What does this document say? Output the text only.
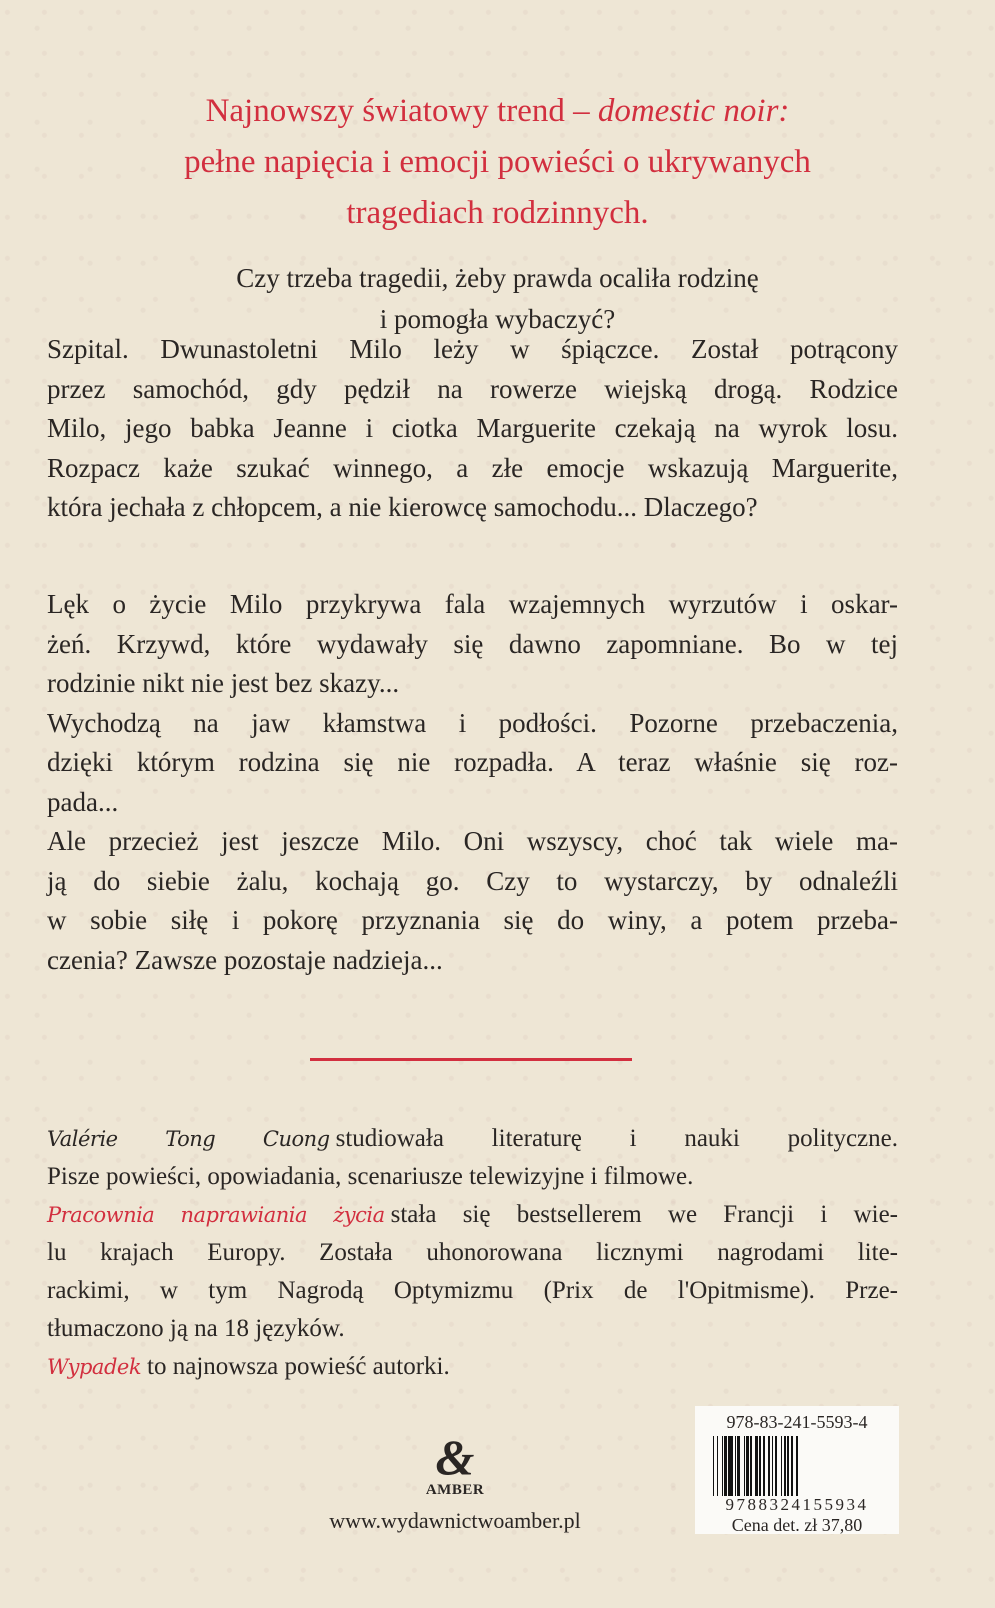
Najnowszy światowy trend – domestic noir:
pełne napięcia i emocji powieści o ukrywanych
tragediach rodzinnych.
Czy trzeba tragedii, żeby prawda ocaliła rodzinę
i pomogła wybaczyć?
Szpital. Dwunastoletni Milo leży w śpiączce. Został potrącony
przez samochód, gdy pędził na rowerze wiejską drogą. Rodzice
Milo, jego babka Jeanne i ciotka Marguerite czekają na wyrok losu.
Rozpacz każe szukać winnego, a złe emocje wskazują Marguerite,
która jechała z chłopcem, a nie kierowcę samochodu... Dlaczego?
Lęk o życie Milo przykrywa fala wzajemnych wyrzutów i oskar-
żeń. Krzywd, które wydawały się dawno zapomniane. Bo w tej
rodzinie nikt nie jest bez skazy...
Wychodzą na jaw kłamstwa i podłości. Pozorne przebaczenia,
dzięki którym rodzina się nie rozpadła. A teraz właśnie się roz-
pada...
Ale przecież jest jeszcze Milo. Oni wszyscy, choć tak wiele ma-
ją do siebie żalu, kochają go. Czy to wystarczy, by odnaleźli
w sobie siłę i pokorę przyznania się do winy, a potem przeba-
czenia? Zawsze pozostaje nadzieja...
Valérie Tong Cuong studiowała literaturę i nauki polityczne.
Pisze powieści, opowiadania, scenariusze telewizyjne i filmowe.
Pracownia naprawiania życia stała się bestsellerem we Francji i wie-
lu krajach Europy. Została uhonorowana licznymi nagrodami lite-
rackimi, w tym Nagrodą Optymizmu (Prix de l'Opitmisme). Prze-
tłumaczono ją na 18 języków.
Wypadek to najnowsza powieść autorki.
&
AMBER
www.wydawnictwoamber.pl
978-83-241-5593-4
9788324155934
Cena det. zł 37,80
